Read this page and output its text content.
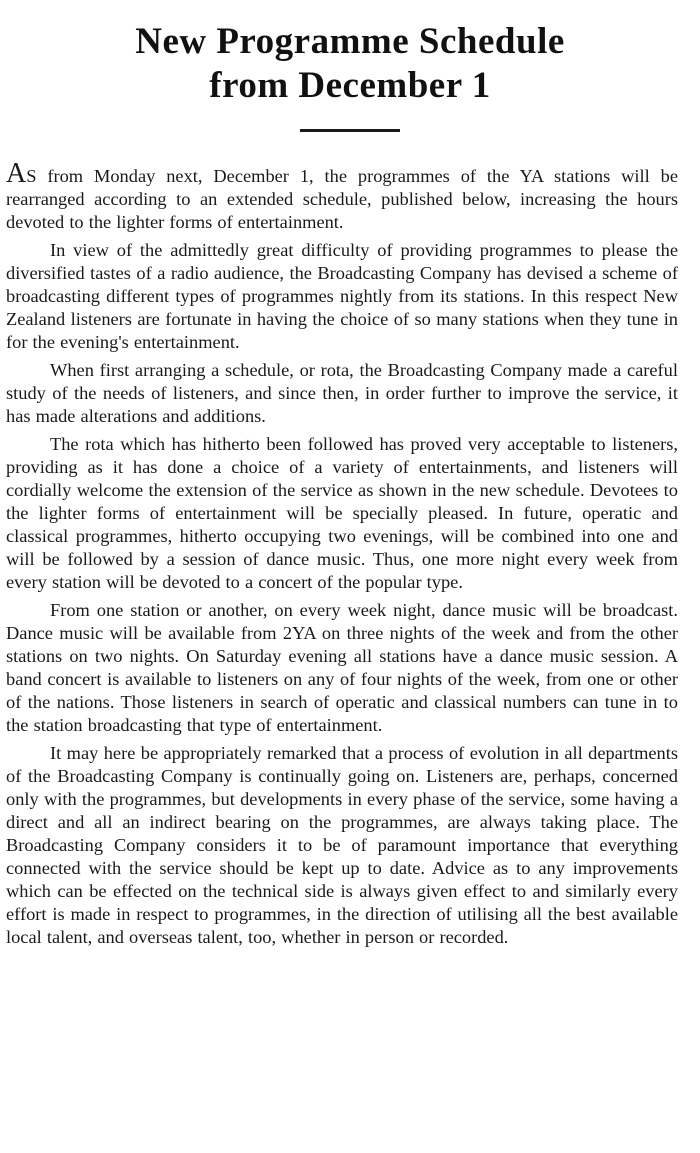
New Programme Schedule
from December 1

AS from Monday next, December 1, the programmes of the YA stations will be rearranged according to an extended schedule, published below, increasing the hours devoted to the lighter forms of entertainment.

In view of the admittedly great difficulty of providing programmes to please the diversified tastes of a radio audience, the Broadcasting Company has devised a scheme of broadcasting different types of programmes nightly from its stations. In this respect New Zealand listeners are fortunate in having the choice of so many stations when they tune in for the evening's entertainment.

When first arranging a schedule, or rota, the Broadcasting Company made a careful study of the needs of listeners, and since then, in order further to improve the service, it has made alterations and additions.

The rota which has hitherto been followed has proved very acceptable to listeners, providing as it has done a choice of a variety of entertainments, and listeners will cordially welcome the extension of the service as shown in the new schedule. Devotees to the lighter forms of entertainment will be specially pleased. In future, operatic and classical programmes, hitherto occupying two evenings, will be combined into one and will be followed by a session of dance music. Thus, one more night every week from every station will be devoted to a concert of the popular type.

From one station or another, on every week night, dance music will be broadcast. Dance music will be available from 2YA on three nights of the week and from the other stations on two nights. On Saturday evening all stations have a dance music session. A band concert is available to listeners on any of four nights of the week, from one or other of the nations. Those listeners in search of operatic and classical numbers can tune in to the station broadcasting that type of entertainment.

It may here be appropriately remarked that a process of evolution in all departments of the Broadcasting Company is continually going on. Listeners are, perhaps, concerned only with the programmes, but developments in every phase of the service, some having a direct and all an indirect bearing on the programmes, are always taking place. The Broadcasting Company considers it to be of paramount importance that everything connected with the service should be kept up to date. Advice as to any improvements which can be effected on the technical side is always given effect to and similarly every effort is made in respect to programmes, in the direction of utilising all the best available local talent, and overseas talent, too, whether in person or recorded.
